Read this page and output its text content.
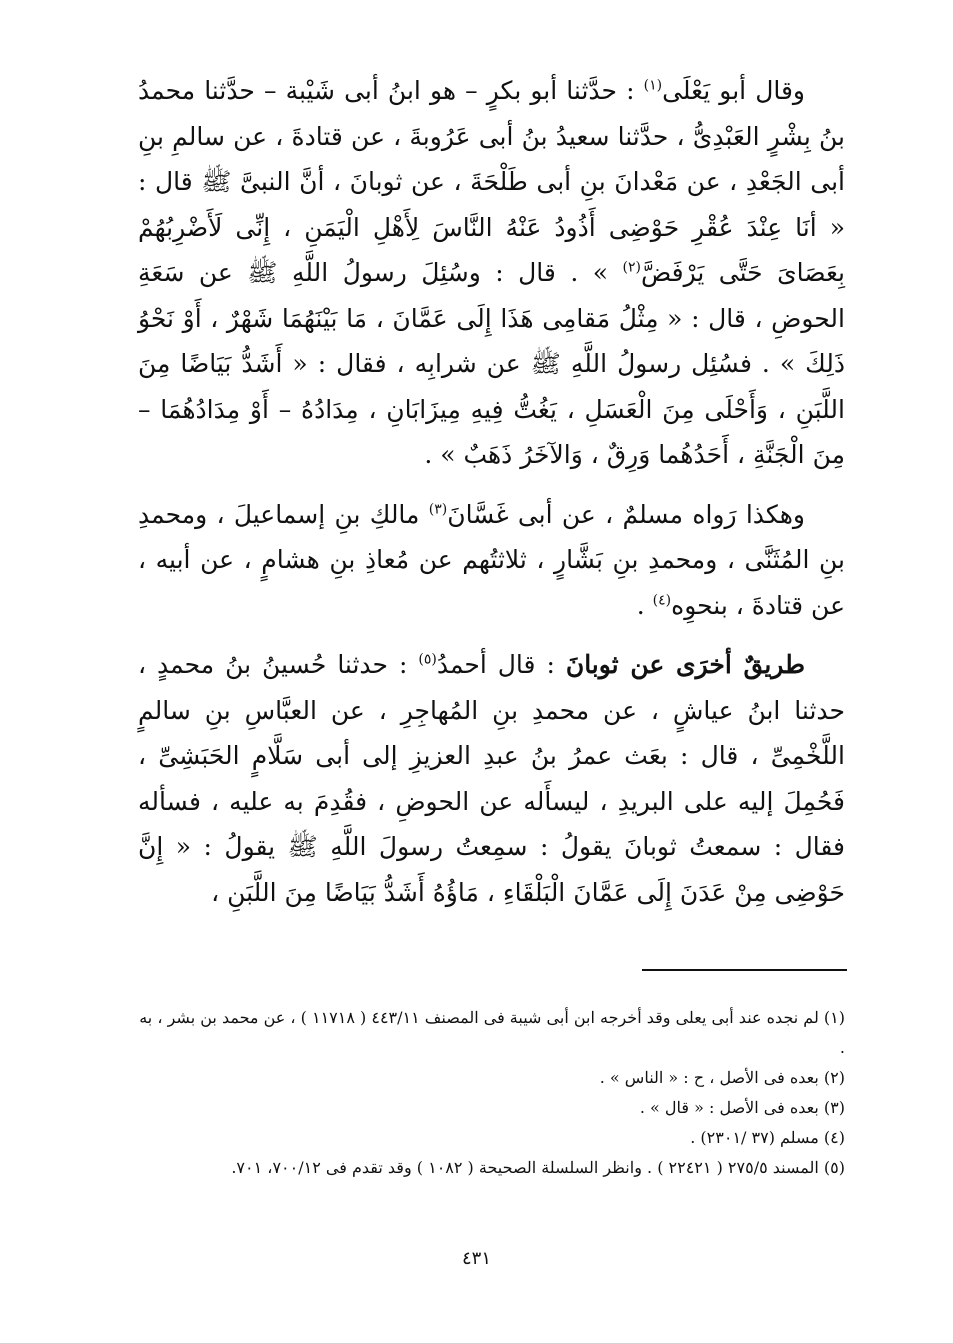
وقال أبو يَعْلَى$^{(١)}$ : حدَّثنا أبو بكرٍ – هو ابنُ أبى شَيْبة – حدَّثنا محمدُ بنُ بِشْرٍ العَبْدِىُّ ، حدَّثنا سعيدُ بنُ أبى عَرُوبةَ ، عن قتادةَ ، عن سالمِ بنِ أبى الجَعْدِ ، عن مَعْدانَ بنِ أبى طَلْحَةَ ، عن ثوبانَ ، أنَّ النبىَّ ﷺ قال : « أنَا عِنْدَ عُقْرِ حَوْضِى أَذُودُ عَنْهُ النَّاسَ لِأَهْلِ الْيَمَنِ ، إِنِّى لَأَضْرِبُهُمْ بِعَصَاىَ حَتَّى يَرْفَضَّ$^{(٢)}$ » . قال : وسُئِلَ رسولُ اللَّهِ ﷺ عن سَعَةِ الحوضِ ، قال : « مِثْلُ مَقامِى هَذَا إِلَى عَمَّانَ ، مَا بَيْنَهُمَا شَهْرٌ ، أَوْ نَحْوُ ذَلِكَ » . فسُئِل رسولُ اللَّهِ ﷺ عن شرابِه ، فقال : « أَشَدُّ بَيَاضًا مِنَ اللَّبَنِ ، وَأَحْلَى مِنَ الْعَسَلِ ، يَغُتُّ فِيهِ مِيزَابَانِ ، مِدَادُهُ – أَوْ مِدَادُهُمَا – مِنَ الْجَنَّةِ ، أَحَدُهُما وَرِقٌ ، وَالآخَرُ ذَهَبٌ » .

وهكذا رَواه مسلمٌ ، عن أبى غَسَّانَ$^{(٣)}$ مالكِ بنِ إسماعيلَ ، ومحمدِ بنِ المُثَنَّى ، ومحمدِ بنِ بَشَّارٍ ، ثلاثتُهم عن مُعاذِ بنِ هشامٍ ، عن أبيه ، عن قتادةَ ، بنحوِه$^{(٤)}$ .

طريقٌ أخرَى عن ثوبانَ : قال أحمدُ$^{(٥)}$ : حدثنا حُسينُ بنُ محمدٍ ، حدثنا ابنُ عياشٍ ، عن محمدِ بنِ المُهاجِرِ ، عن العبَّاسِ بنِ سالمٍ اللَّخْمِىِّ ، قال : بعَث عمرُ بنُ عبدِ العزيزِ إلى أبى سَلَّامٍ الحَبَشِىِّ ، فَحُمِلَ إليه على البريدِ ، ليسأَله عن الحوضِ ، فقُدِمَ به عليه ، فسأله فقال : سمعتُ ثوبانَ يقولُ : سمِعتُ رسولَ اللَّهِ ﷺ يقولُ : « إِنَّ حَوْضِى مِنْ عَدَنَ إِلَى عَمَّانَ الْبَلْقَاءِ ، مَاؤُهُ أَشَدُّ بَيَاضًا مِنَ اللَّبَنِ ،

(١) لم نجده عند أبى يعلى وقد أخرجه ابن أبى شيبة فى المصنف ٤٤٣/١١ ( ١١٧١٨ ) ، عن محمد بن بشر ، به .

(٢) بعده فى الأصل ، ح : « الناس » .

(٣) بعده فى الأصل : « قال » .

(٤) مسلم (٣٧ /٢٣٠١) .

(٥) المسند ٢٧٥/٥ ( ٢٢٤٢١ ) . وانظر السلسلة الصحيحة ( ١٠٨٢ ) وقد تقدم فى ٧٠٠/١٢، ٧٠١.

٤٣١
